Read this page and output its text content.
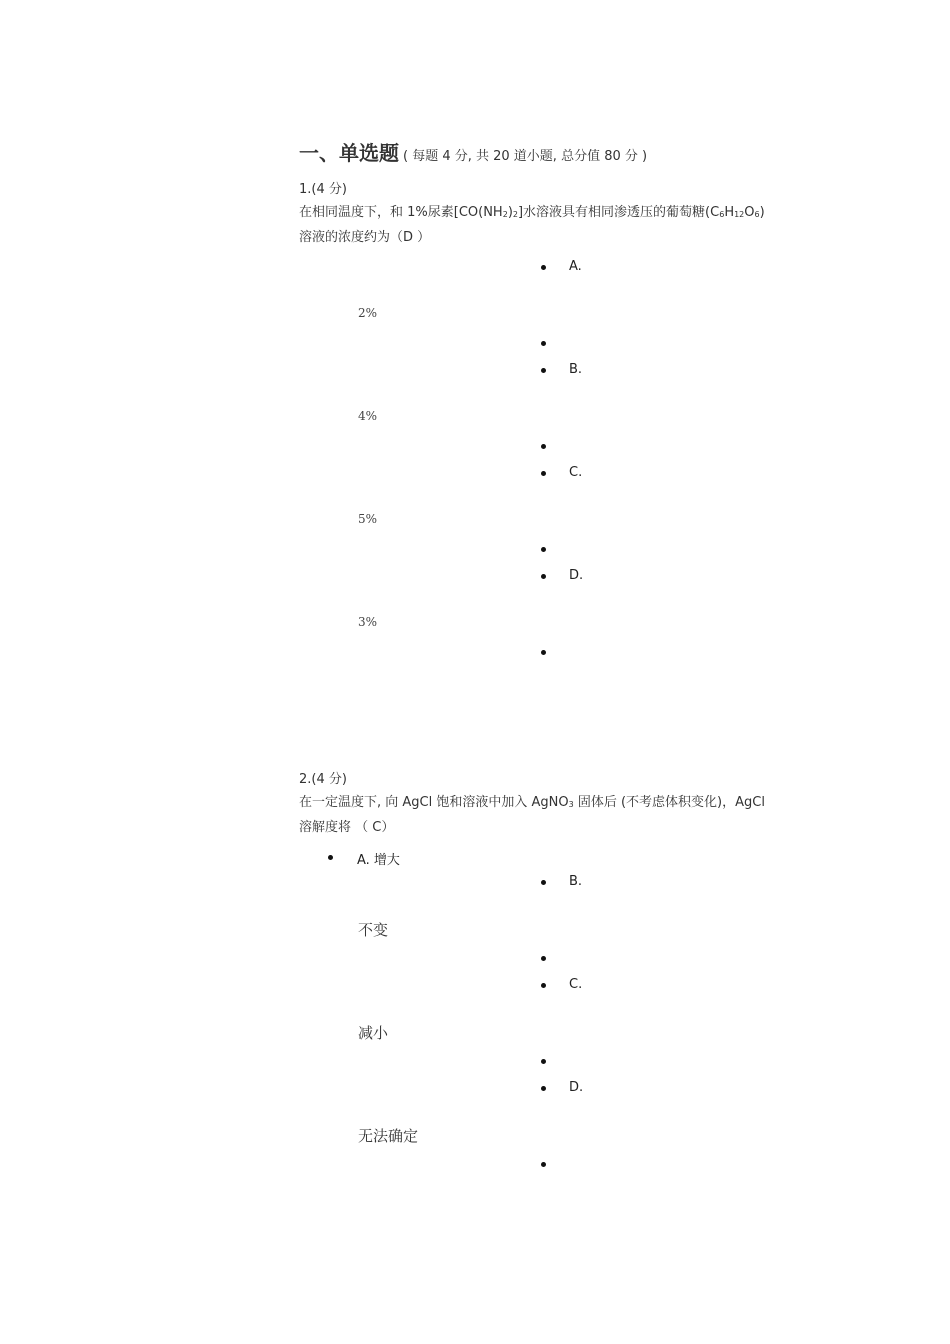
一、单选题 ( 每题 4 分, 共 20 道小题, 总分值 80 分 )
1.(4 分)
在相同温度下，和 1%尿素$[CO(NH_2)_2]$水溶液具有相同渗透压的葡萄糖$(C_6H_{12}O_6)$
溶液的浓度约为（D ）
A.
2%
B.
4%
C.
5%
D.
3%
2.(4 分)
在一定温度下, 向 AgCl 饱和溶液中加入 AgNO$_3$ 固体后 (不考虑体积变化)，AgCl
溶解度将 （ C）
A. 增大
B.
不变
C.
减小
D.
无法确定
